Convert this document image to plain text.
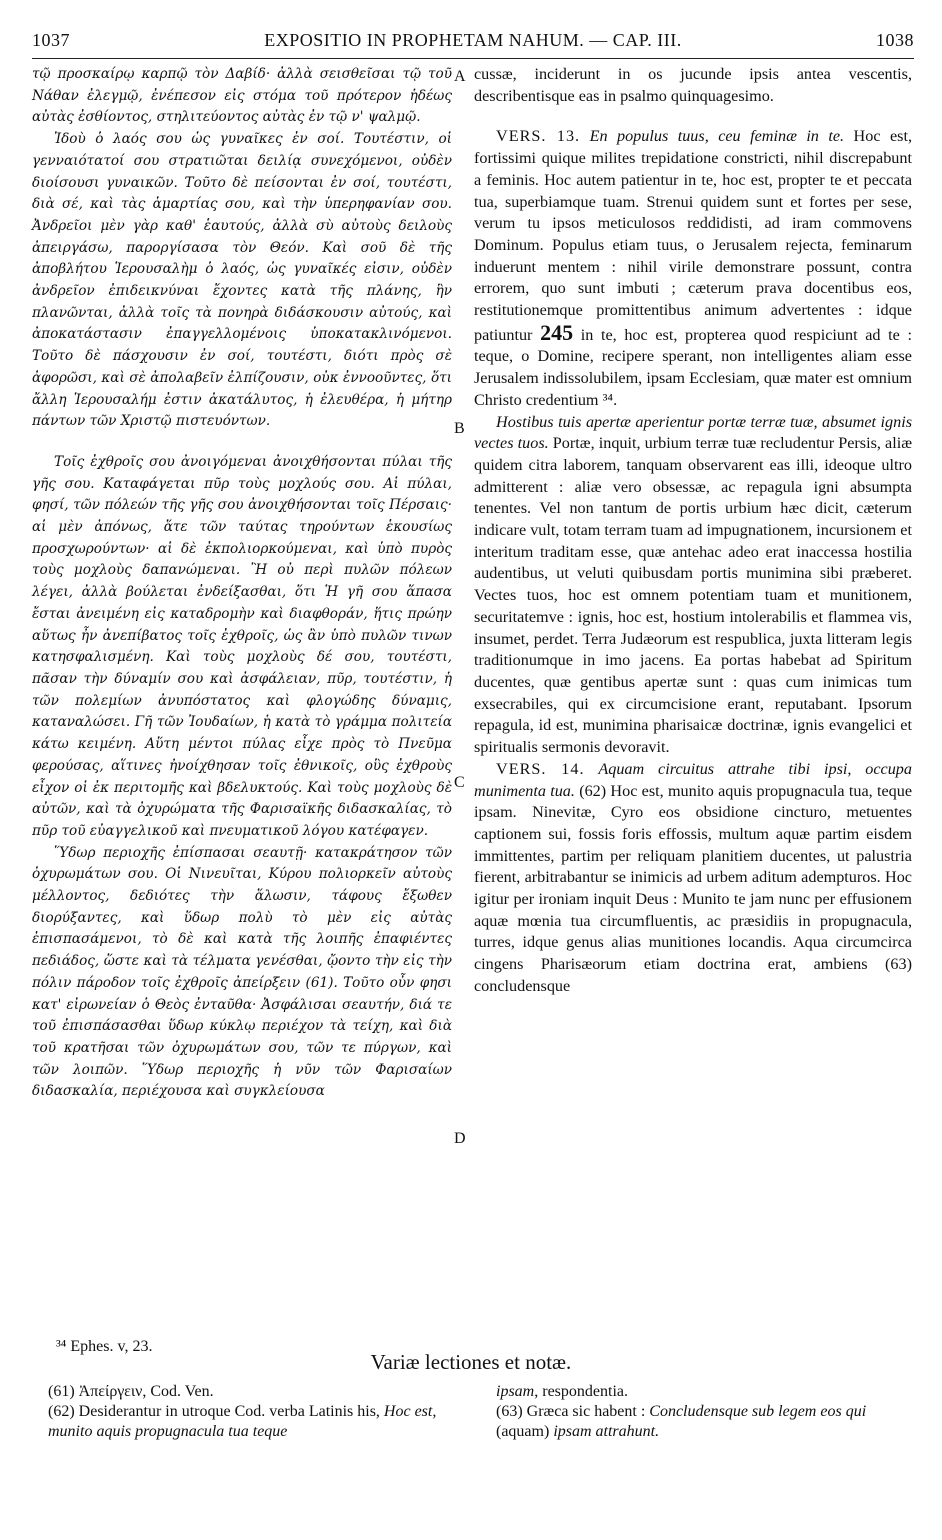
1037	EXPOSITIO IN PROPHETAM NAHUM. — CAP. III.	1038
A
B
C
D

τῷ προσκαίρῳ καρπῷ τὸν Δαβίδ· ἀλλὰ σεισθεῖσαι τῷ τοῦ Νάθαν ἐλεγμῷ, ἐνέπεσον εἰς στόμα τοῦ πρότερον ἡδέως αὐτὰς ἐσθίοντος, στηλιτεύοντος αὐτὰς ἐν τῷ ν' ψαλμῷ.

Ἰδοὺ ὁ λαός σου ὡς γυναῖκες ἐν σοί. Τουτέστιν, οἱ γενναιότατοί σου στρατιῶται δειλίᾳ συνεχόμενοι, οὐδὲν διοίσουσι γυναικῶν. Τοῦτο δὲ πείσονται ἐν σοί, τουτέστι, διὰ σέ, καὶ τὰς ἁμαρτίας σου, καὶ τὴν ὑπερηφανίαν σου. Ἀνδρεῖοι μὲν γὰρ καθ' ἑαυτούς, ἀλλὰ σὺ αὐτοὺς δειλοὺς ἀπειργάσω, παροργίσασα τὸν Θεόν. Καὶ σοῦ δὲ τῆς ἀποβλήτου Ἱερουσαλὴμ ὁ λαός, ὡς γυναῖκές εἰσιν, οὐδὲν ἀνδρεῖον ἐπιδεικνύναι ἔχοντες κατὰ τῆς πλάνης, ἣν πλανῶνται, ἀλλὰ τοῖς τὰ πονηρὰ διδάσκουσιν αὐτούς, καὶ ἀποκατάστασιν ἐπαγγελλομένοις ὑποκατακλινόμενοι. Τοῦτο δὲ πάσχουσιν ἐν σοί, τουτέστι, διότι πρὸς σὲ ἀφορῶσι, καὶ σὲ ἀπολαβεῖν ἐλπίζουσιν, οὐκ ἐννοοῦντες, ὅτι ἄλλη Ἱερουσαλήμ ἐστιν ἀκατάλυτος, ἡ ἐλευθέρα, ἡ μήτηρ πάντων τῶν Χριστῷ πιστευόντων.

Τοῖς ἐχθροῖς σου ἀνοιγόμεναι ἀνοιχθήσονται πύλαι τῆς γῆς σου. Καταφάγεται πῦρ τοὺς μοχλούς σου. Αἱ πύλαι, φησί, τῶν πόλεών τῆς γῆς σου ἀνοιχθήσονται τοῖς Πέρσαις· αἱ μὲν ἀπόνως, ἅτε τῶν ταύτας τηρούντων ἑκουσίως προσχωρούντων· αἱ δὲ ἐκπολιορκούμεναι, καὶ ὑπὸ πυρὸς τοὺς μοχλοὺς δαπανώμεναι. Ἢ οὐ περὶ πυλῶν πόλεων λέγει, ἀλλὰ βούλεται ἐνδείξασθαι, ὅτι Ἡ γῆ σου ἅπασα ἔσται ἀνειμένη εἰς καταδρομὴν καὶ διαφθοράν, ἥτις πρώην αὕτως ἦν ἀνεπίβατος τοῖς ἐχθροῖς, ὡς ἂν ὑπὸ πυλῶν τινων κατησφαλισμένη. Καὶ τοὺς μοχλοὺς δέ σου, τουτέστι, πᾶσαν τὴν δύναμίν σου καὶ ἀσφάλειαν, πῦρ, τουτέστιν, ἡ τῶν πολεμίων ἀνυπόστατος καὶ φλογώδης δύναμις, καταναλώσει. Γῆ τῶν Ἰουδαίων, ἡ κατὰ τὸ γράμμα πολιτεία κάτω κειμένη. Αὕτη μέντοι πύλας εἶχε πρὸς τὸ Πνεῦμα φερούσας, αἵτινες ἠνοίχθησαν τοῖς ἐθνικοῖς, οὓς ἐχθροὺς εἶχον οἱ ἐκ περιτομῆς καὶ βδελυκτούς. Καὶ τοὺς μοχλοὺς δὲ αὐτῶν, καὶ τὰ ὀχυρώματα τῆς Φαρισαϊκῆς διδασκαλίας, τὸ πῦρ τοῦ εὐαγγελικοῦ καὶ πνευματικοῦ λόγου κατέφαγεν.

Ὕδωρ περιοχῆς ἐπίσπασαι σεαυτῇ· κατακράτησον τῶν ὀχυρωμάτων σου. Οἱ Νινευῖται, Κύρου πολιορκεῖν αὐτοὺς μέλλοντος, δεδιότες τὴν ἅλωσιν, τάφους ἔξωθεν διορύξαντες, καὶ ὕδωρ πολὺ τὸ μὲν εἰς αὐτὰς ἐπισπασάμενοι, τὸ δὲ καὶ κατὰ τῆς λοιπῆς ἐπαφιέντες πεδιάδος, ὥστε καὶ τὰ τέλματα γενέσθαι, ᾤοντο τὴν εἰς τὴν πόλιν πάροδον τοῖς ἐχθροῖς ἀπείρξειν (61). Τοῦτο οὖν φησι κατ' εἰρωνείαν ὁ Θεὸς ἐνταῦθα· Ἀσφάλισαι σεαυτήν, διά τε τοῦ ἐπισπάσασθαι ὕδωρ κύκλῳ περιέχον τὰ τείχη, καὶ διὰ τοῦ κρατῆσαι τῶν ὀχυρωμάτων σου, τῶν τε πύργων, καὶ τῶν λοιπῶν. Ὕδωρ περιοχῆς ἡ νῦν τῶν Φαρισαίων διδασκαλία, περιέχουσα καὶ συγκλείουσα

cussæ, inciderunt in os jucunde ipsis antea vescentis, describentisque eas in psalmo quinquagesimo.

VERS. 13. En populus tuus, ceu feminæ in te. Hoc est, fortissimi quique milites trepidatione constricti, nihil discrepabunt a feminis. Hoc autem patientur in te, hoc est, propter te et peccata tua, superbiamque tuam. Strenui quidem sunt et fortes per sese, verum tu ipsos meticulosos reddidisti, ad iram commovens Dominum. Populus etiam tuus, o Jerusalem rejecta, feminarum induerunt mentem : nihil virile demonstrare possunt, contra errorem, quo sunt imbuti ; cæterum prava docentibus eos, restitutionemque promittentibus animum advertentes : idque patiuntur 245 in te, hoc est, propterea quod respiciunt ad te : teque, o Domine, recipere sperant, non intelligentes aliam esse Jerusalem indissolubilem, ipsam Ecclesiam, quæ mater est omnium Christo credentium ³⁴.

Hostibus tuis apertæ aperientur portæ terræ tuæ, absumet ignis vectes tuos. Portæ, inquit, urbium terræ tuæ recludentur Persis, aliæ quidem citra laborem, tanquam observarent eas illi, ideoque ultro admitterent : aliæ vero obsessæ, ac repagula igni absumpta tenentes. Vel non tantum de portis urbium hæc dicit, cæterum indicare vult, totam terram tuam ad impugnationem, incursionem et interitum traditam esse, quæ antehac adeo erat inaccessa hostilia audentibus, ut veluti quibusdam portis munimina sibi præberet. Vectes tuos, hoc est omnem potentiam tuam et munitionem, securitatemve : ignis, hoc est, hostium intolerabilis et flammea vis, insumet, perdet. Terra Judæorum est respublica, juxta litteram legis traditionumque in imo jacens. Ea portas habebat ad Spiritum ducentes, quæ gentibus apertæ sunt : quas cum inimicas tum exsecrabiles, qui ex circumcisione erant, reputabant. Ipsorum repagula, id est, munimina pharisaicæ doctrinæ, ignis evangelici et spiritualis sermonis devoravit.

VERS. 14. Aquam circuitus attrahe tibi ipsi, occupa munimenta tua. (62) Hoc est, munito aquis propugnacula tua, teque ipsam. Ninevitæ, Cyro eos obsidione cincturo, metuentes captionem sui, fossis foris effossis, multum aquæ partim eisdem immittentes, partim per reliquam planitiem ducentes, ut palustria fierent, arbitrabantur se inimicis ad urbem aditum adempturos. Hoc igitur per ironiam inquit Deus : Munito te jam nunc per effusionem aquæ mœnia tua circumfluentis, ac præsidiis in propugnacula, turres, idque genus alias munitiones locandis. Aqua circumcirca cingens Pharisæorum etiam doctrina erat, ambiens (63) concludensque

³⁴ Ephes. v, 23.
Variæ lectiones et notæ.

(61) Ἀπείργειν, Cod. Ven.

(62) Desiderantur in utroque Cod. verba Latinis his, Hoc est, munito aquis propugnacula tua teque

ipsam, respondentia.

(63) Græca sic habent : Concludensque sub legem eos qui (aquam) ipsam attrahunt.
